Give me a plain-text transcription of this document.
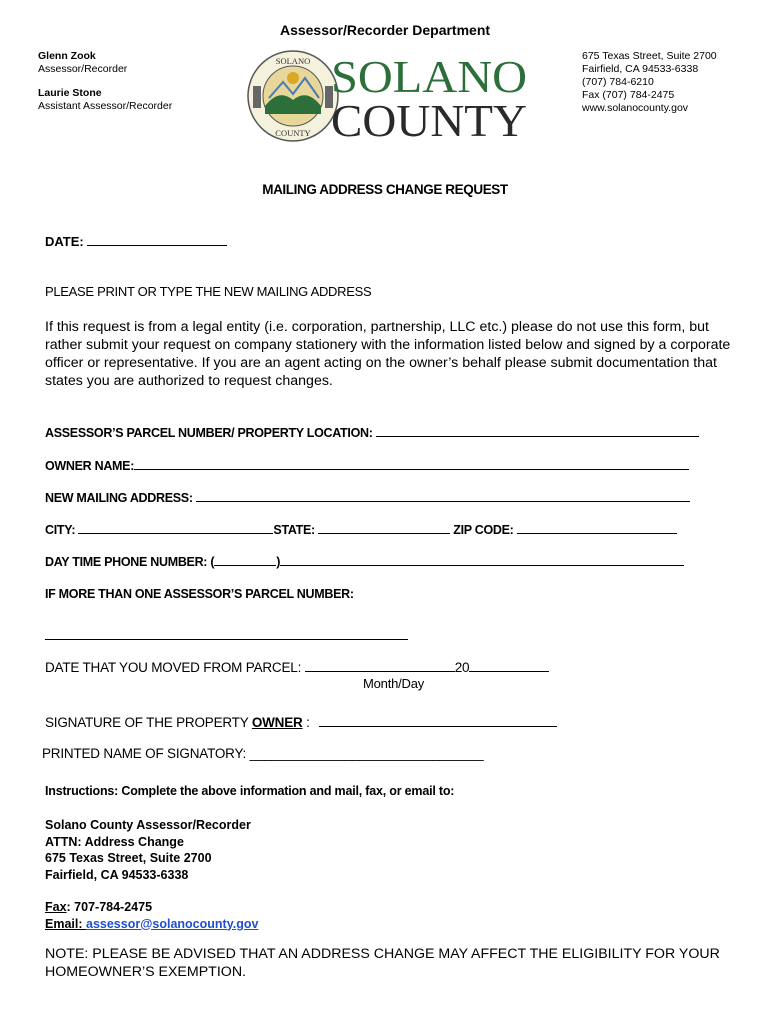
Assessor/Recorder Department
Glenn Zook
Assessor/Recorder
Laurie Stone
Assistant Assessor/Recorder
SOLANO
COUNTY
SOLANO
COUNTY
675 Texas Street, Suite 2700
Fairfield, CA 94533-6338
(707) 784-6210
Fax (707) 784-2475
www.solanocounty.gov
MAILING ADDRESS CHANGE REQUEST
DATE:
PLEASE PRINT OR TYPE THE NEW MAILING ADDRESS
If this request is from a legal entity (i.e. corporation, partnership, LLC etc.) please do not use this form, but rather submit your request on company stationery with the information listed below and signed by a corporate officer or representative. If you are an agent acting on the owner’s behalf please submit documentation that states you are authorized to request changes.
ASSESSOR’S PARCEL NUMBER/ PROPERTY LOCATION:
OWNER NAME:
NEW MAILING ADDRESS:
CITY:	STATE:	ZIP CODE:
DAY TIME PHONE NUMBER: (	)
IF MORE THAN ONE ASSESSOR’S PARCEL NUMBER:
DATE THAT YOU MOVED FROM PARCEL:	20
Month/Day
SIGNATURE OF THE PROPERTY OWNER :
PRINTED NAME OF SIGNATORY: ________________________________
Instructions: Complete the above information and mail, fax, or email to:
Solano County Assessor/Recorder
ATTN: Address Change
675 Texas Street, Suite 2700
Fairfield, CA 94533-6338
Fax: 707-784-2475
Email: assessor@solanocounty.gov
NOTE: PLEASE BE ADVISED THAT AN ADDRESS CHANGE MAY AFFECT THE ELIGIBILITY FOR YOUR HOMEOWNER’S EXEMPTION.
